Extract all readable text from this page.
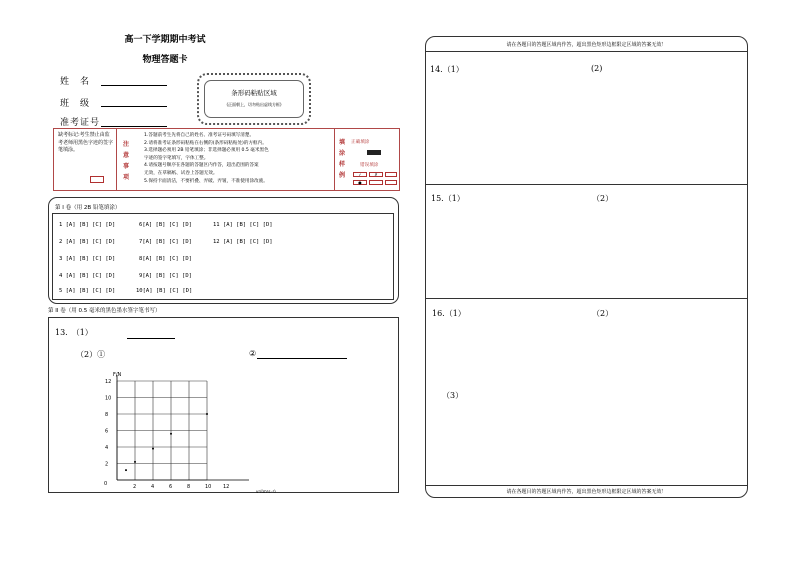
高一下学期期中考试
物理答题卡
姓　名
班　级
准考证号
条形码粘贴区域
(正面朝上，切勿贴出虚线方框)
缺考标记:考生禁止由监考老师用黑色字迹的签字笔填涂。
注
意
事
项
1.答题前考生先将自己的姓名、准考证号码填写清楚。
2.请将准考证条形码粘贴在右侧的(条形码粘贴处)的方框内。
3.选择题必须用 2B 铅笔填涂；非选择题必须用 0.5 毫米黑色
字迹的签字笔填写，字体工整。
4.请按题号顺序在各题的答题区内作答，超出范围的答案
无效，在草稿纸、试卷上答题无效。
5.保持卡面清洁，不要折叠、弄破、弄皱，不准使用涂改液。
填
涂
样
例
正确填涂
错误填涂
✓	✗
●
第 I 卷（用 2B 铅笔填涂）
1 [A] [B] [C] [D]
2 [A] [B] [C] [D]
3 [A] [B] [C] [D]
4 [A] [B] [C] [D]
5 [A] [B] [C] [D]
6[A] [B] [C] [D]
7[A] [B] [C] [D]
8[A] [B] [C] [D]
9[A] [B] [C] [D]
10[A] [B] [C] [D]
11 [A] [B] [C] [D]
12 [A] [B] [C] [D]
第 II 卷（用 0.5 毫米的黑色墨水签字笔书写）
13.　（1）
（2）①	②
2	4	6	8	10 12
2
4
6
8
10
12
F/N
v²/(m²s⁻²)
0
请在各题目的答题区域内作答，超出黑色矩形边框限定区域的答案无效！
14.（1）	(2)
15.（1）	（2）
16.（1）	（2）
（3）
请在各题目的答题区域内作答，超出黑色矩形边框限定区域的答案无效！
